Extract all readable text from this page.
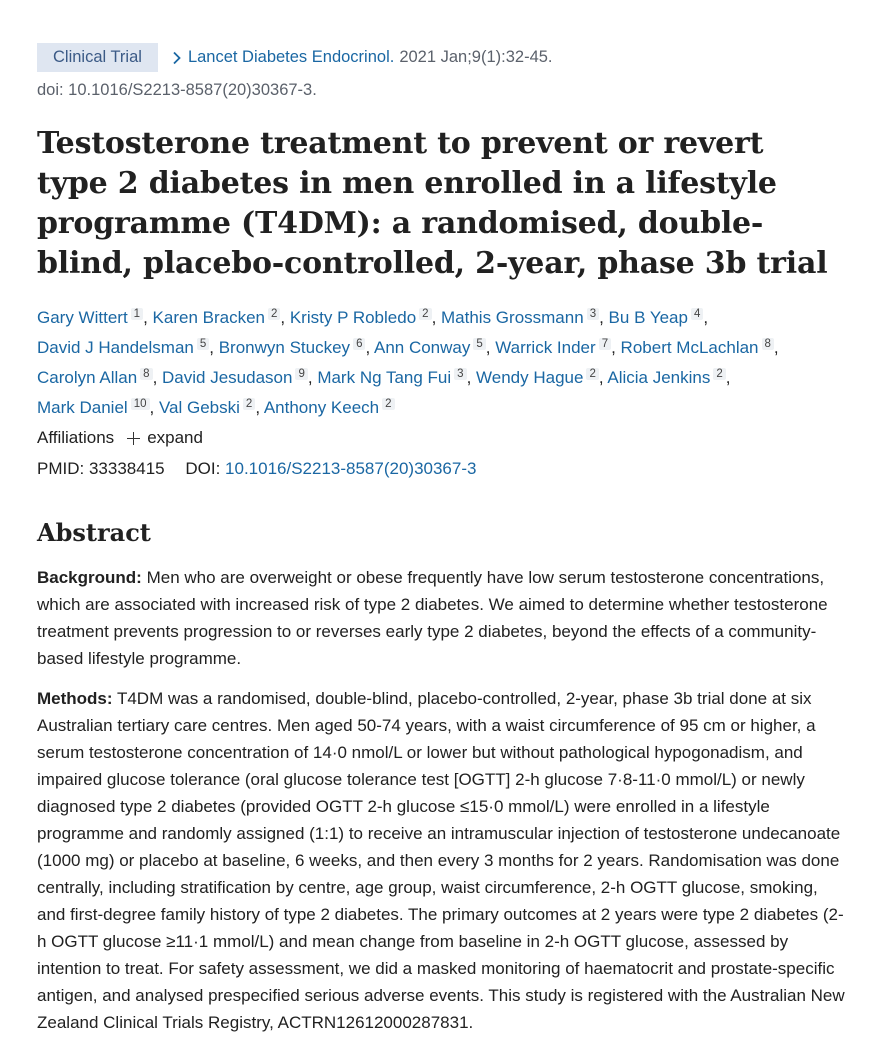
Clinical Trial	Lancet Diabetes Endocrinol. 2021 Jan;9(1):32-45.
doi: 10.1016/S2213-8587(20)30367-3.
Testosterone treatment to prevent or revert type 2 diabetes in men enrolled in a lifestyle programme (T4DM): a randomised, double-blind, placebo-controlled, 2-year, phase 3b trial
Gary Wittert $^1$ , Karen Bracken $^2$ , Kristy P Robledo $^2$ , Mathis Grossmann $^3$ , Bu B Yeap $^4$ ,
David J Handelsman $^5$ , Bronwyn Stuckey $^6$ , Ann Conway $^5$ , Warrick Inder $^7$ , Robert McLachlan $^8$ ,
Carolyn Allan $^8$ , David Jesudason $^9$ , Mark Ng Tang Fui $^3$ , Wendy Hague $^2$ , Alicia Jenkins $^2$ ,
Mark Daniel $^{10}$ , Val Gebski $^2$ , Anthony Keech $^2$
Affiliations expand
PMID: 33338415 DOI: 10.1016/S2213-8587(20)30367-3
Abstract

Background: Men who are overweight or obese frequently have low serum testosterone concentrations, which are associated with increased risk of type 2 diabetes. We aimed to determine whether testosterone treatment prevents progression to or reverses early type 2 diabetes, beyond the effects of a community-based lifestyle programme.

Methods: T4DM was a randomised, double-blind, placebo-controlled, 2-year, phase 3b trial done at six Australian tertiary care centres. Men aged 50-74 years, with a waist circumference of 95 cm or higher, a serum testosterone concentration of 14·0 nmol/L or lower but without pathological hypogonadism, and impaired glucose tolerance (oral glucose tolerance test [OGTT] 2-h glucose 7·8-11·0 mmol/L) or newly diagnosed type 2 diabetes (provided OGTT 2-h glucose ≤15·0 mmol/L) were enrolled in a lifestyle programme and randomly assigned (1:1) to receive an intramuscular injection of testosterone undecanoate (1000 mg) or placebo at baseline, 6 weeks, and then every 3 months for 2 years. Randomisation was done centrally, including stratification by centre, age group, waist circumference, 2-h OGTT glucose, smoking, and first-degree family history of type 2 diabetes. The primary outcomes at 2 years were type 2 diabetes (2-h OGTT glucose ≥11·1 mmol/L) and mean change from baseline in 2-h OGTT glucose, assessed by intention to treat. For safety assessment, we did a masked monitoring of haematocrit and prostate-specific antigen, and analysed prespecified serious adverse events. This study is registered with the Australian New Zealand Clinical Trials Registry, ACTRN12612000287831.
